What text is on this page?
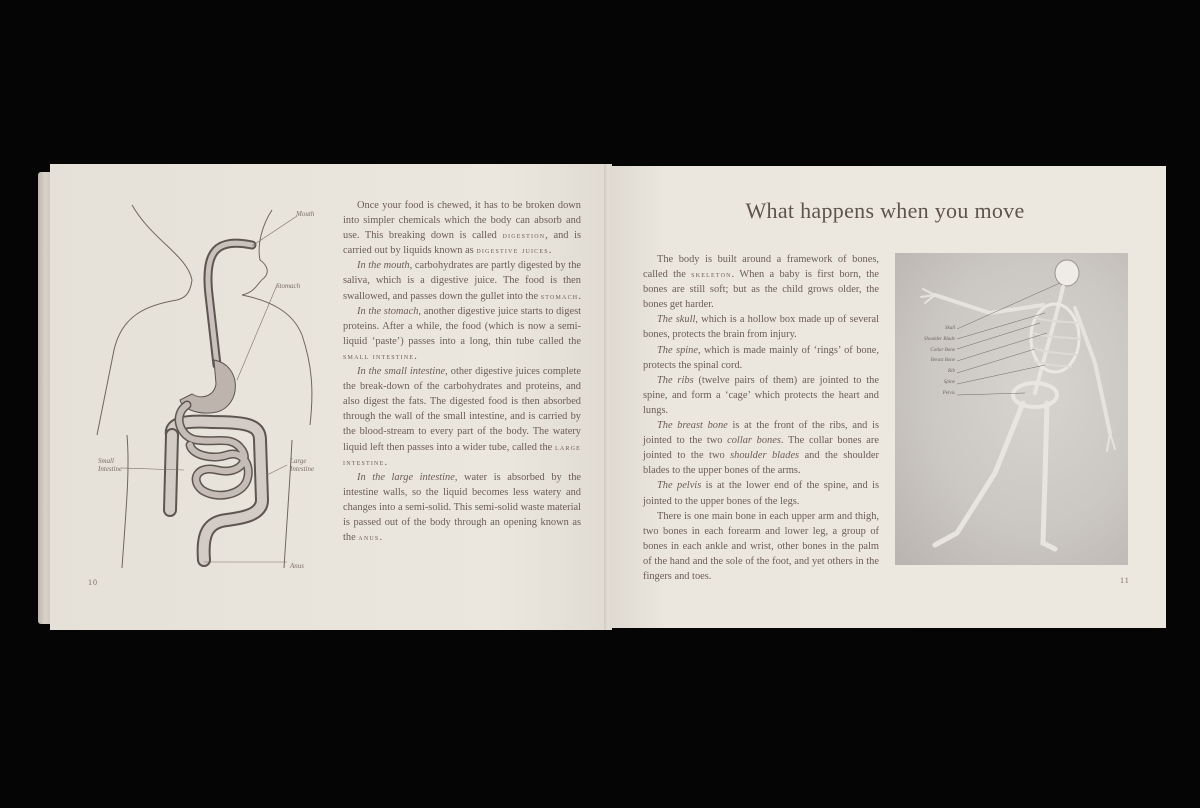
Mouth
Stomach
Small
Intestine
Large
Intestine
Anus

Once your food is chewed, it has to be broken down into simpler chemicals which the body can absorb and use. This breaking down is called digestion, and is carried out by liquids known as digestive juices.

In the mouth, carbohydrates are partly digested by the saliva, which is a digestive juice. The food is then swallowed, and passes down the gullet into the stomach.

In the stomach, another digestive juice starts to digest proteins. After a while, the food (which is now a semi-liquid ‘paste’) passes into a long, thin tube called the small intestine.

In the small intestine, other digestive juices complete the break-down of the carbohydrates and proteins, and also digest the fats. The digested food is then absorbed through the wall of the small intestine, and is carried by the blood-stream to every part of the body. The watery liquid left then passes into a wider tube, called the large intestine.

In the large intestine, water is absorbed by the intestine walls, so the liquid becomes less watery and changes into a semi-solid. This semi-solid waste material is passed out of the body through an opening known as the anus.

10
What happens when you move

The body is built around a framework of bones, called the skeleton. When a baby is first born, the bones are still soft; but as the child grows older, the bones get harder.

The skull, which is a hollow box made up of several bones, protects the brain from injury.

The spine, which is made mainly of ‘rings’ of bone, protects the spinal cord.

The ribs (twelve pairs of them) are jointed to the spine, and form a ‘cage’ which protects the heart and lungs.

The breast bone is at the front of the ribs, and is jointed to the two collar bones. The collar bones are jointed to the two shoulder blades and the shoulder blades to the upper bones of the arms.

The pelvis is at the lower end of the spine, and is jointed to the upper bones of the legs.

There is one main bone in each upper arm and thigh, two bones in each forearm and lower leg, a group of bones in each ankle and wrist, other bones in the palm of the hand and the sole of the foot, and yet others in the fingers and toes.

Skull
Shoulder Blade
Collar Bone
Breast Bone
Rib
Spine
Pelvis
11
